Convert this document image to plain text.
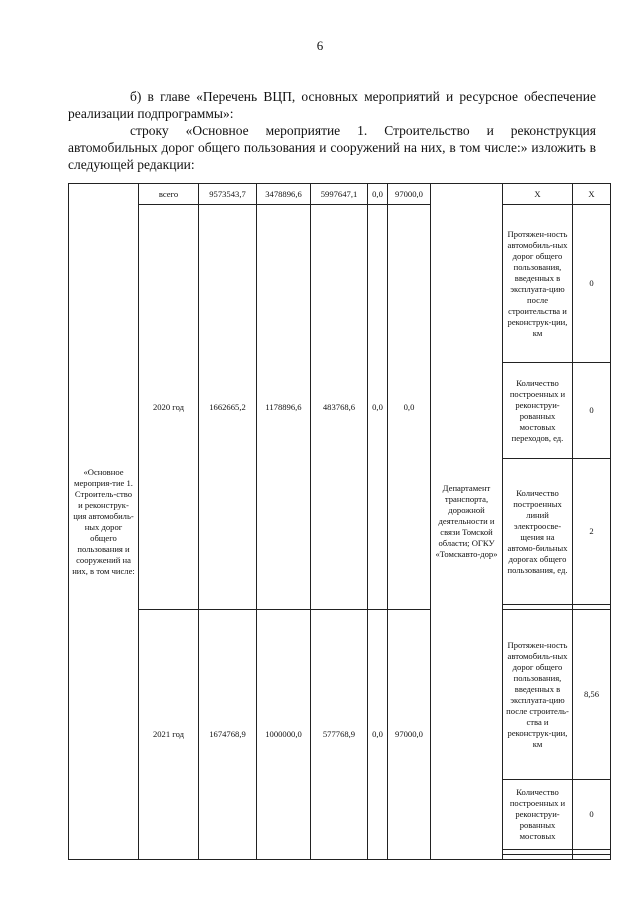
6

б) в главе «Перечень ВЦП, основных мероприятий и ресурсное обеспечение реализации подпрограммы»:

строку «Основное мероприятие 1. Строительство и реконструкция автомобильных дорог общего пользования и сооружений на них, в том числе:» изложить в следующей редакции:

«Основное мероприя-тие 1. Строитель-ство и реконструк-ция автомобиль-ных дорог общего пользования и сооружений на них, в том числе:	всего	9573543,7	3478896,6	5997647,1	0,0	97000,0	Департамент транспорта, дорожной деятельности и связи Томской области; ОГКУ «Томскавто-дор»	X	X
	2020 год	1662665,2	1178896,6	483768,6	0,0	0,0		Протяжен-ность автомобиль-ных дорог общего пользования, введенных в эксплуата-цию после строительства и реконструк-ции, км	0
								Количество построенных и реконструи-рованных мостовых переходов, ед.	0
								Количество построенных линий электроосве-щения на автомо-бильных дорогах общего пользования, ед.	2

	2021 год	1674768,9	1000000,0	577768,9	0,0	97000,0		Протяжен-ность автомобиль-ных дорог общего пользования, введенных в эксплуата-цию после строитель-ства и реконструк-ции, км	8,56
								Количество построенных и реконструи-рованных мостовых	0
